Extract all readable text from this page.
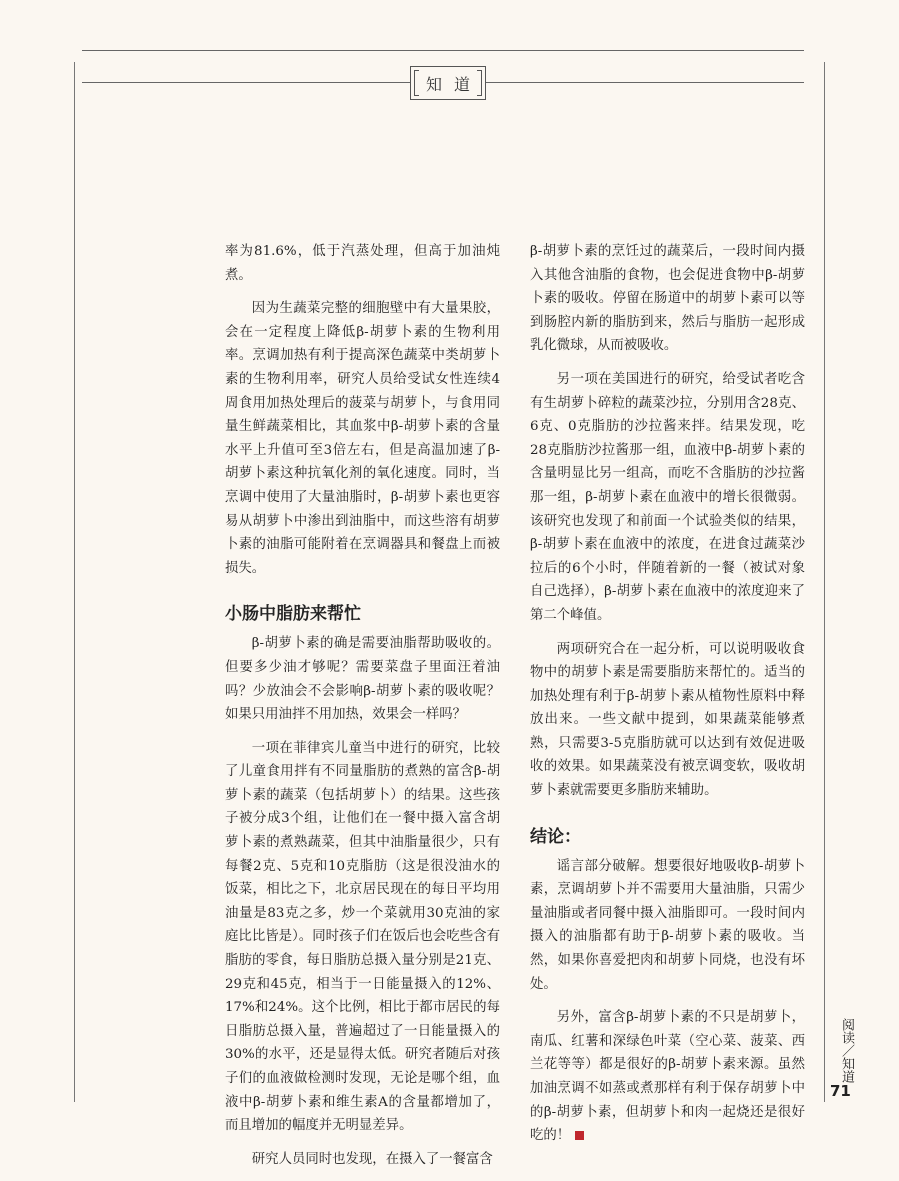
知道

率为81.6%，低于汽蒸处理，但高于加油炖煮。

因为生蔬菜完整的细胞壁中有大量果胶，会在一定程度上降低β-胡萝卜素的生物利用率。烹调加热有利于提高深色蔬菜中类胡萝卜素的生物利用率，研究人员给受试女性连续4周食用加热处理后的菠菜与胡萝卜，与食用同量生鲜蔬菜相比，其血浆中β-胡萝卜素的含量水平上升值可至3倍左右，但是高温加速了β-胡萝卜素这种抗氧化剂的氧化速度。同时，当烹调中使用了大量油脂时，β-胡萝卜素也更容易从胡萝卜中渗出到油脂中，而这些溶有胡萝卜素的油脂可能附着在烹调器具和餐盘上而被损失。

小肠中脂肪来帮忙

β-胡萝卜素的确是需要油脂帮助吸收的。但要多少油才够呢？需要菜盘子里面汪着油吗？少放油会不会影响β-胡萝卜素的吸收呢？如果只用油拌不用加热，效果会一样吗？

一项在菲律宾儿童当中进行的研究，比较了儿童食用拌有不同量脂肪的煮熟的富含β-胡萝卜素的蔬菜（包括胡萝卜）的结果。这些孩子被分成3个组，让他们在一餐中摄入富含胡萝卜素的煮熟蔬菜，但其中油脂量很少，只有每餐2克、5克和10克脂肪（这是很没油水的饭菜，相比之下，北京居民现在的每日平均用油量是83克之多，炒一个菜就用30克油的家庭比比皆是）。同时孩子们在饭后也会吃些含有脂肪的零食，每日脂肪总摄入量分别是21克、29克和45克，相当于一日能量摄入的12%、17%和24%。这个比例，相比于都市居民的每日脂肪总摄入量，普遍超过了一日能量摄入的30%的水平，还是显得太低。研究者随后对孩子们的血液做检测时发现，无论是哪个组，血液中β-胡萝卜素和维生素A的含量都增加了，而且增加的幅度并无明显差异。

研究人员同时也发现，在摄入了一餐富含

β-胡萝卜素的烹饪过的蔬菜后，一段时间内摄入其他含油脂的食物，也会促进食物中β-胡萝卜素的吸收。停留在肠道中的胡萝卜素可以等到肠腔内新的脂肪到来，然后与脂肪一起形成乳化微球，从而被吸收。

另一项在美国进行的研究，给受试者吃含有生胡萝卜碎粒的蔬菜沙拉，分别用含28克、6克、0克脂肪的沙拉酱来拌。结果发现，吃28克脂肪沙拉酱那一组，血液中β-胡萝卜素的含量明显比另一组高，而吃不含脂肪的沙拉酱那一组，β-胡萝卜素在血液中的增长很微弱。该研究也发现了和前面一个试验类似的结果，β-胡萝卜素在血液中的浓度，在进食过蔬菜沙拉后的6个小时，伴随着新的一餐（被试对象自己选择），β-胡萝卜素在血液中的浓度迎来了第二个峰值。

两项研究合在一起分析，可以说明吸收食物中的胡萝卜素是需要脂肪来帮忙的。适当的加热处理有利于β-胡萝卜素从植物性原料中释放出来。一些文献中提到，如果蔬菜能够煮熟，只需要3-5克脂肪就可以达到有效促进吸收的效果。如果蔬菜没有被烹调变软，吸收胡萝卜素就需要更多脂肪来辅助。

结论：

谣言部分破解。想要很好地吸收β-胡萝卜素，烹调胡萝卜并不需要用大量油脂，只需少量油脂或者同餐中摄入油脂即可。一段时间内摄入的油脂都有助于β-胡萝卜素的吸收。当然，如果你喜爱把肉和胡萝卜同烧，也没有坏处。

另外，富含β-胡萝卜素的不只是胡萝卜，南瓜、红薯和深绿色叶菜（空心菜、菠菜、西兰花等等）都是很好的β-胡萝卜素来源。虽然加油烹调不如蒸或煮那样有利于保存胡萝卜中的β-胡萝卜素，但胡萝卜和肉一起烧还是很好吃的！

阅读／知道
71
